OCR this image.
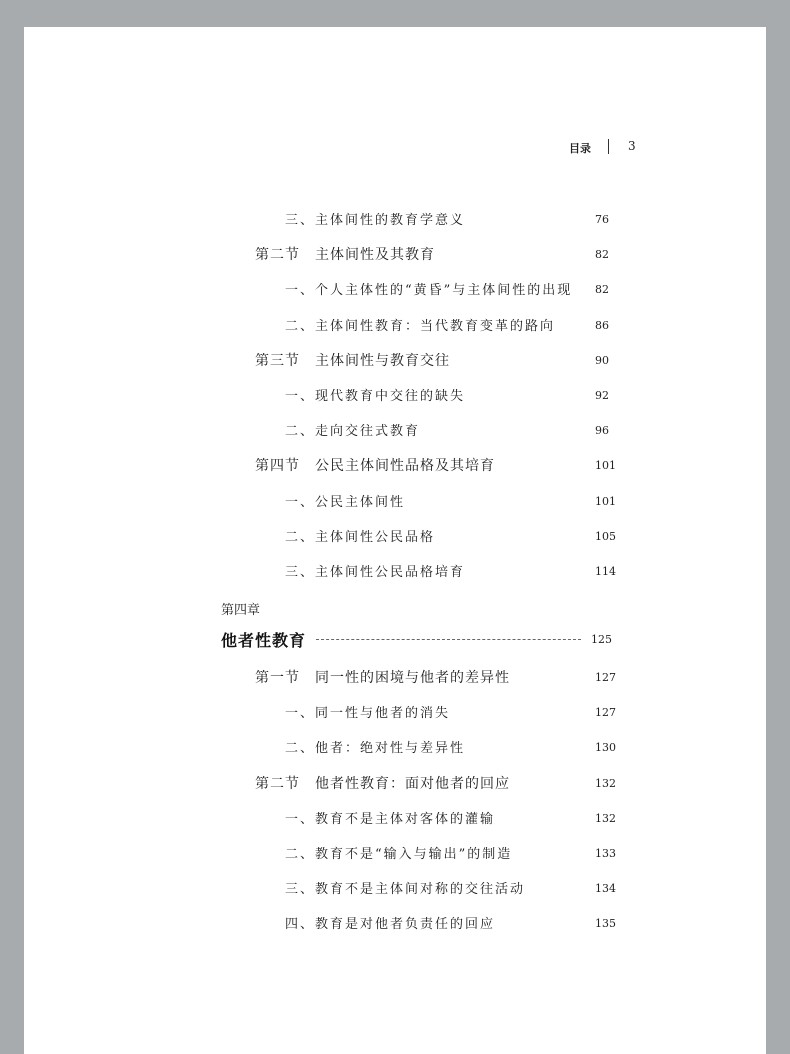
目录	3
三、主体间性的教育学意义	76
第二节　主体间性及其教育	82
一、个人主体性的“黄昏”与主体间性的出现 82
二、主体间性教育：当代教育变革的路向	86
第三节　主体间性与教育交往	90
一、现代教育中交往的缺失	92
二、走向交往式教育	96
第四节　公民主体间性品格及其培育	101
一、公民主体间性	101
二、主体间性公民品格	105
三、主体间性公民品格培育	114
第四章
他者性教育	125
第一节　同一性的困境与他者的差异性	127
一、同一性与他者的消失	127
二、他者：绝对性与差异性	130
第二节　他者性教育：面对他者的回应	132
一、教育不是主体对客体的灌输	132
二、教育不是“输入与输出”的制造	133
三、教育不是主体间对称的交往活动	134
四、教育是对他者负责任的回应	135
